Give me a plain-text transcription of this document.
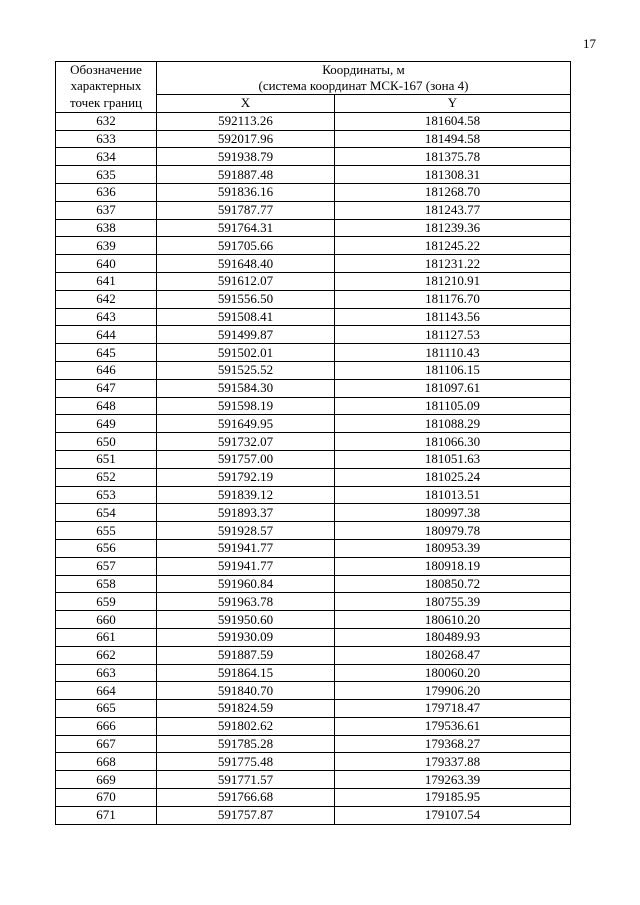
17
Обозначение
характерных	Координаты, м
(система координат МСК-167 (зона 4)	

точек границ	X	Y
632	592113.26	181604.58
633	592017.96	181494.58
634	591938.79	181375.78
635	591887.48	181308.31
636	591836.16	181268.70
637	591787.77	181243.77
638	591764.31	181239.36
639	591705.66	181245.22
640	591648.40	181231.22
641	591612.07	181210.91
642	591556.50	181176.70
643	591508.41	181143.56
644	591499.87	181127.53
645	591502.01	181110.43
646	591525.52	181106.15
647	591584.30	181097.61
648	591598.19	181105.09
649	591649.95	181088.29
650	591732.07	181066.30
651	591757.00	181051.63
652	591792.19	181025.24
653	591839.12	181013.51
654	591893.37	180997.38
655	591928.57	180979.78
656	591941.77	180953.39
657	591941.77	180918.19
658	591960.84	180850.72
659	591963.78	180755.39
660	591950.60	180610.20
661	591930.09	180489.93
662	591887.59	180268.47
663	591864.15	180060.20
664	591840.70	179906.20
665	591824.59	179718.47
666	591802.62	179536.61
667	591785.28	179368.27
668	591775.48	179337.88
669	591771.57	179263.39
670	591766.68	179185.95
671	591757.87	179107.54
